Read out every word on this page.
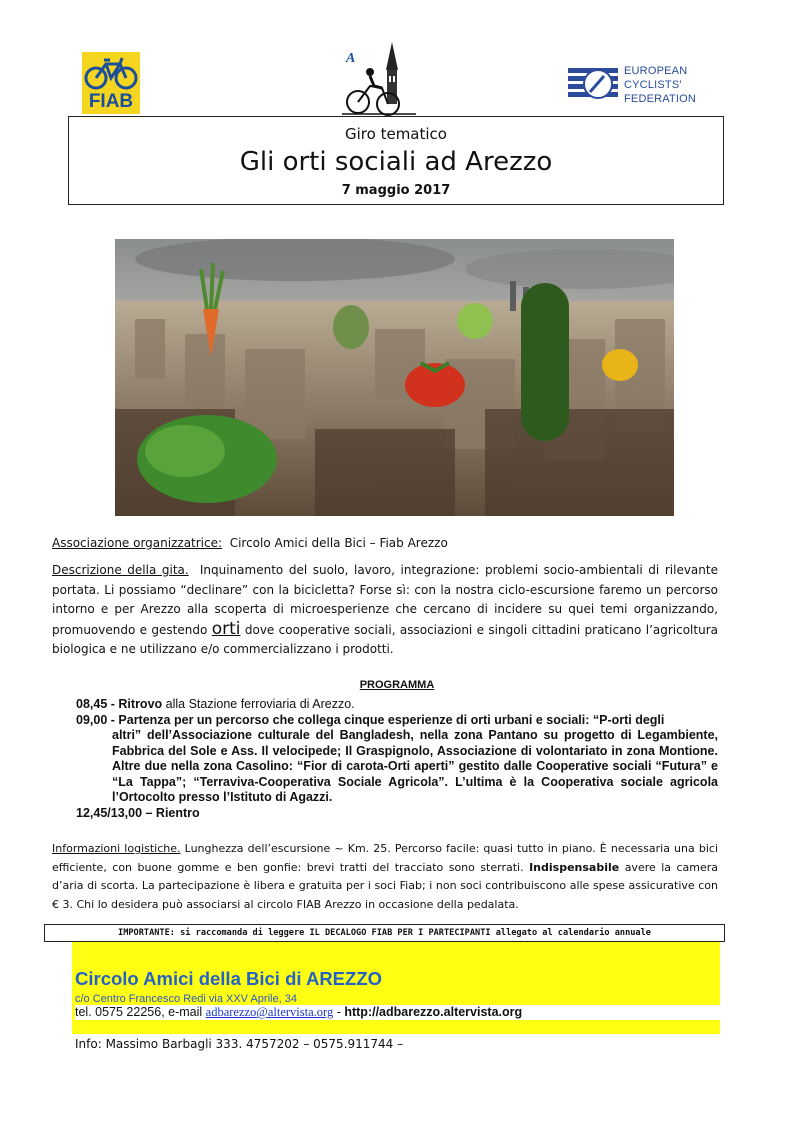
FIAB
A
EUROPEAN
CYCLISTS'
FEDERATION
Giro tematico
Gli orti sociali ad Arezzo
7 maggio 2017
Associazione organizzatrice: Circolo Amici della Bici – Fiab Arezzo
Descrizione della gita. Inquinamento del suolo, lavoro, integrazione: problemi socio-ambientali di rilevante portata. Li possiamo “declinare” con la bicicletta? Forse sì: con la nostra ciclo-escursione faremo un percorso intorno e per Arezzo alla scoperta di microesperienze che cercano di incidere su quei temi organizzando, promuovendo e gestendo orti dove cooperative sociali, associazioni e singoli cittadini praticano l’agricoltura biologica e ne utilizzano e/o commercializzano i prodotti.
PROGRAMMA
08,45 -
Ritrovo
alla Stazione ferroviaria di Arezzo.
09,00 - Partenza per un percorso che collega cinque esperienze di orti urbani e sociali: “P-orti degli
altri” dell’Associazione culturale del Bangladesh, nella zona Pantano su progetto di Legambiente, Fabbrica del Sole e Ass. Il velocipede; Il Graspignolo, Associazione di volontariato in zona Montione. Altre due nella zona Casolino: “Fior di carota-Orti aperti” gestito dalle Cooperative sociali “Futura” e “La Tappa”; “Terraviva-Cooperativa Sociale Agricola”. L’ultima è la Cooperativa sociale agricola l’Ortocolto presso l’Istituto di Agazzi.
12,45/13,00 – Rientro
Informazioni logistiche. Lunghezza dell’escursione ~ Km. 25. Percorso facile: quasi tutto in piano. È necessaria una bici efficiente, con buone gomme e ben gonfie: brevi tratti del tracciato sono sterrati. Indispensabile avere la camera d’aria di scorta. La partecipazione è libera e gratuita per i soci Fiab; i non soci contribuiscono alle spese assicurative con € 3. Chi lo desidera può associarsi al circolo FIAB Arezzo in occasione della pedalata.
IMPORTANTE: si raccomanda di leggere IL DECALOGO FIAB PER I PARTECIPANTI allegato al calendario annuale
Circolo Amici della Bici di AREZZO
c/o Centro Francesco Redi via XXV Aprile, 34
tel. 0575 22256, e-mail adbarezzo@altervista.org - http://adbarezzo.altervista.org
Info: Massimo Barbagli 333. 4757202 – 0575.911744 –
